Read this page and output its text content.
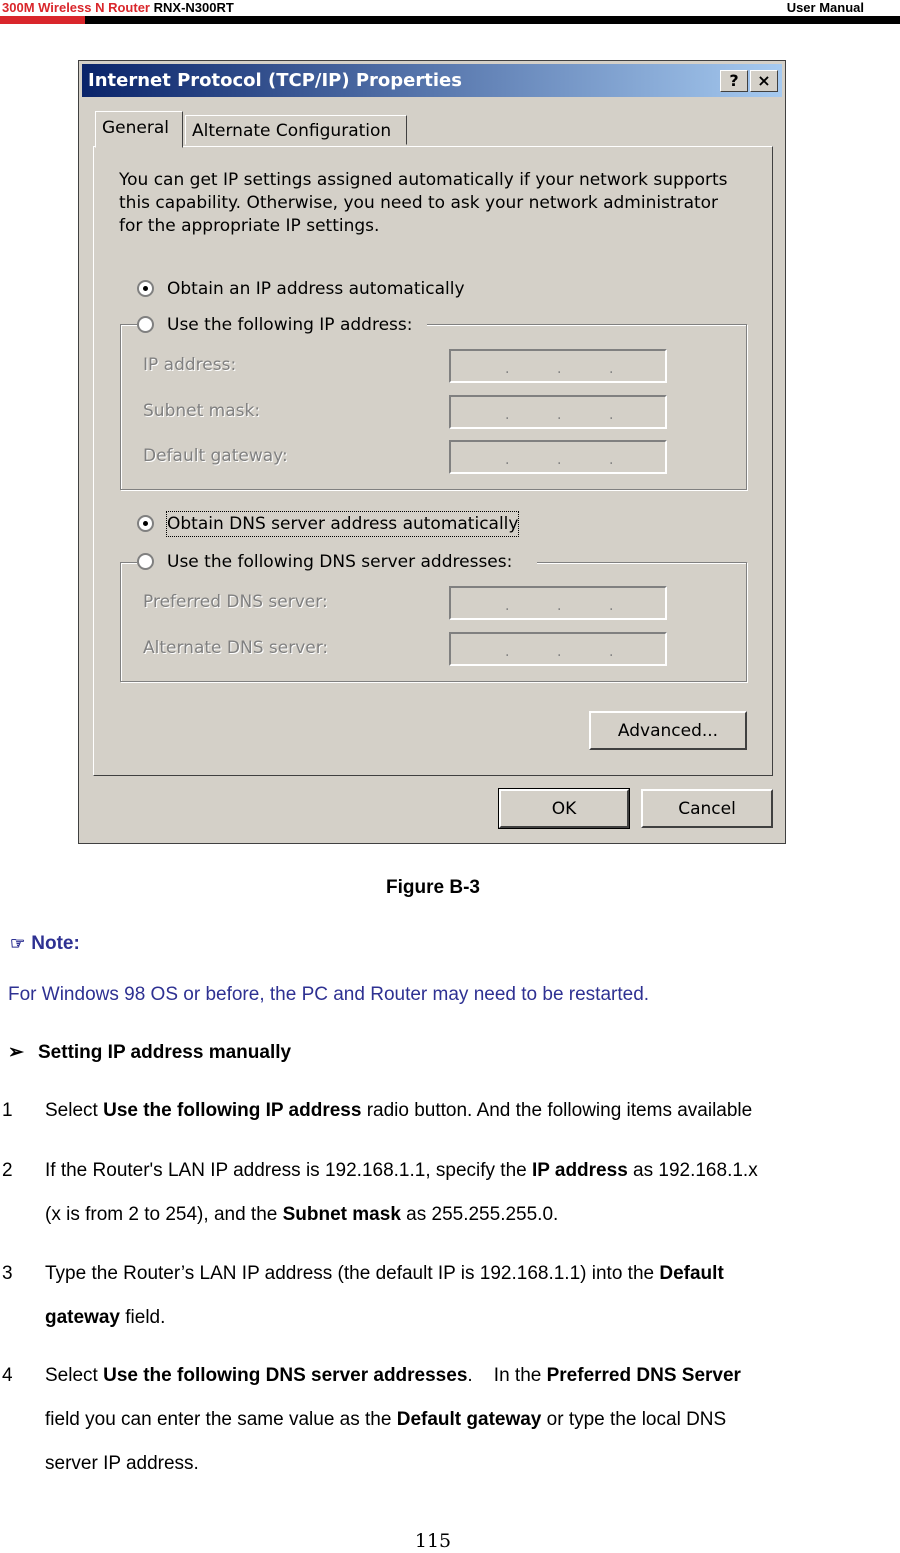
300M Wireless N Router RNX-N300RT	User Manual
Internet Protocol (TCP/IP) Properties	?	×
General	Alternate Configuration
You can get IP settings assigned automatically if your network supports this capability. Otherwise, you need to ask your network administrator for the appropriate IP settings.
Obtain an IP address automatically
Use the following IP address:
IP address:	.	.	.
Subnet mask:	.	.	.
Default gateway:	.	.	.
Obtain DNS server address automatically
Use the following DNS server addresses:
Preferred DNS server:	.	.	.
Alternate DNS server:	.	.	.
Advanced...
OK	Cancel
Figure B-3
☞ Note:
For Windows 98 OS or before, the PC and Router may need to be restarted.
➢ Setting IP address manually
1 Select Use the following IP address radio button. And the following items available
2 If the Router's LAN IP address is 192.168.1.1, specify the IP address as 192.168.1.x
(x is from 2 to 254), and the Subnet mask as 255.255.255.0.
3 Type the Router’s LAN IP address (the default IP is 192.168.1.1) into the Default
gateway field.
4 Select Use the following DNS server addresses.    In the Preferred DNS Server
field you can enter the same value as the Default gateway or type the local DNS
server IP address.
115
